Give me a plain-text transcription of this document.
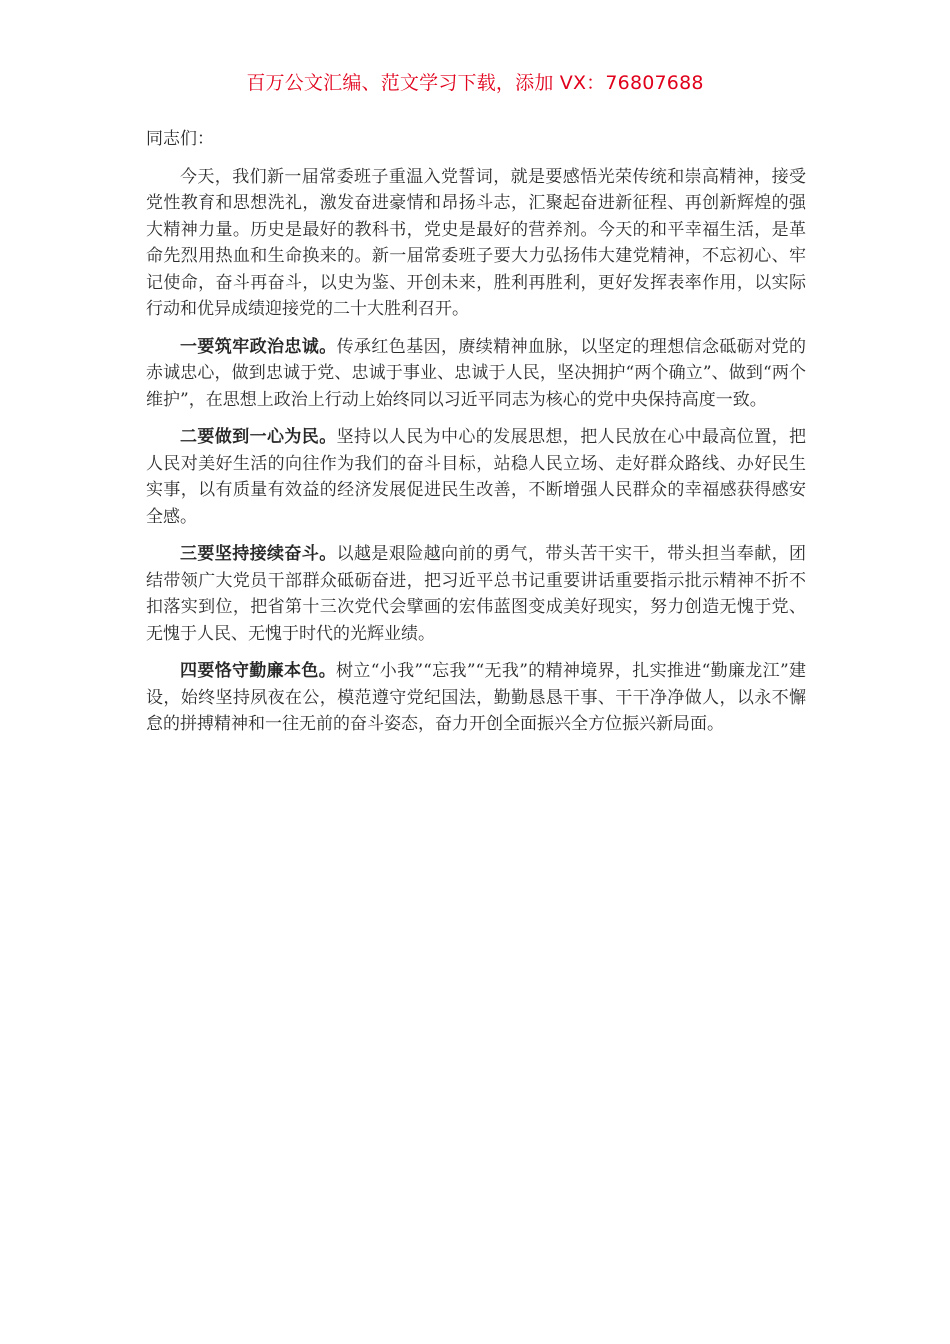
百万公文汇编、范文学习下载，添加 VX：76807688

同志们：

今天，我们新一届常委班子重温入党誓词，就是要感悟光荣传统和崇高精神，接受党性教育和思想洗礼，激发奋进豪情和昂扬斗志，汇聚起奋进新征程、再创新辉煌的强大精神力量。历史是最好的教科书，党史是最好的营养剂。今天的和平幸福生活，是革命先烈用热血和生命换来的。新一届常委班子要大力弘扬伟大建党精神，不忘初心、牢记使命，奋斗再奋斗，以史为鉴、开创未来，胜利再胜利，更好发挥表率作用，以实际行动和优异成绩迎接党的二十大胜利召开。

一要筑牢政治忠诚。传承红色基因，赓续精神血脉，以坚定的理想信念砥砺对党的赤诚忠心，做到忠诚于党、忠诚于事业、忠诚于人民，坚决拥护“两个确立”、做到“两个维护”，在思想上政治上行动上始终同以习近平同志为核心的党中央保持高度一致。

二要做到一心为民。坚持以人民为中心的发展思想，把人民放在心中最高位置，把人民对美好生活的向往作为我们的奋斗目标，站稳人民立场、走好群众路线、办好民生实事，以有质量有效益的经济发展促进民生改善，不断增强人民群众的幸福感获得感安全感。

三要坚持接续奋斗。以越是艰险越向前的勇气，带头苦干实干，带头担当奉献，团结带领广大党员干部群众砥砺奋进，把习近平总书记重要讲话重要指示批示精神不折不扣落实到位，把省第十三次党代会擘画的宏伟蓝图变成美好现实，努力创造无愧于党、无愧于人民、无愧于时代的光辉业绩。

四要恪守勤廉本色。树立“小我”“忘我”“无我”的精神境界，扎实推进“勤廉龙江”建设，始终坚持夙夜在公，模范遵守党纪国法，勤勤恳恳干事、干干净净做人，以永不懈怠的拼搏精神和一往无前的奋斗姿态，奋力开创全面振兴全方位振兴新局面。
